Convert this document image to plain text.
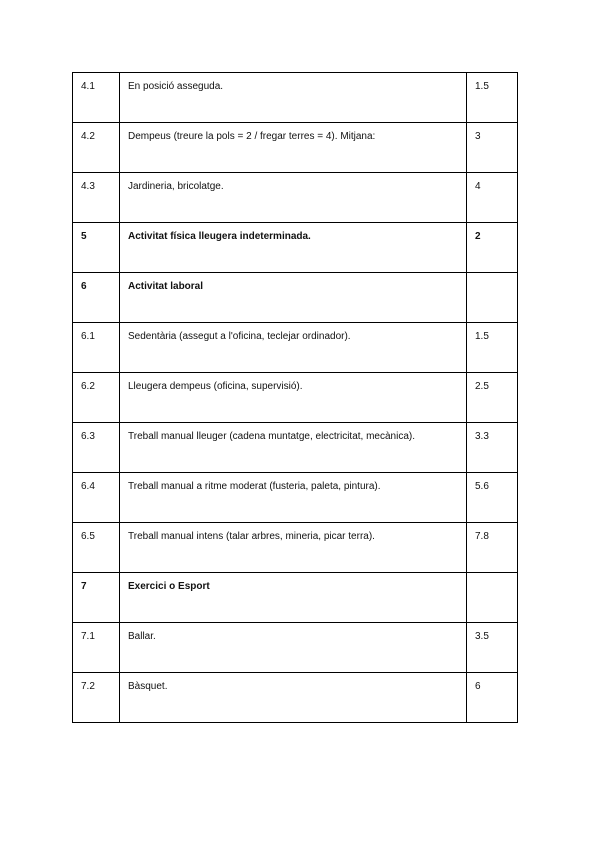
4.1	En posició asseguda.	1.5
4.2	Dempeus (treure la pols = 2 / fregar terres = 4). Mitjana:	3
4.3	Jardineria, bricolatge.	4
5	Activitat física lleugera indeterminada.	2
6	Activitat laboral	
6.1	Sedentària (assegut a l'oficina, teclejar ordinador).	1.5
6.2	Lleugera dempeus (oficina, supervisió).	2.5
6.3	Treball manual lleuger (cadena muntatge, electricitat, mecànica).	3.3
6.4	Treball manual a ritme moderat (fusteria, paleta, pintura).	5.6
6.5	Treball manual intens (talar arbres, mineria, picar terra).	7.8
7	Exercici o Esport	
7.1	Ballar.	3.5
7.2	Bàsquet.	6
